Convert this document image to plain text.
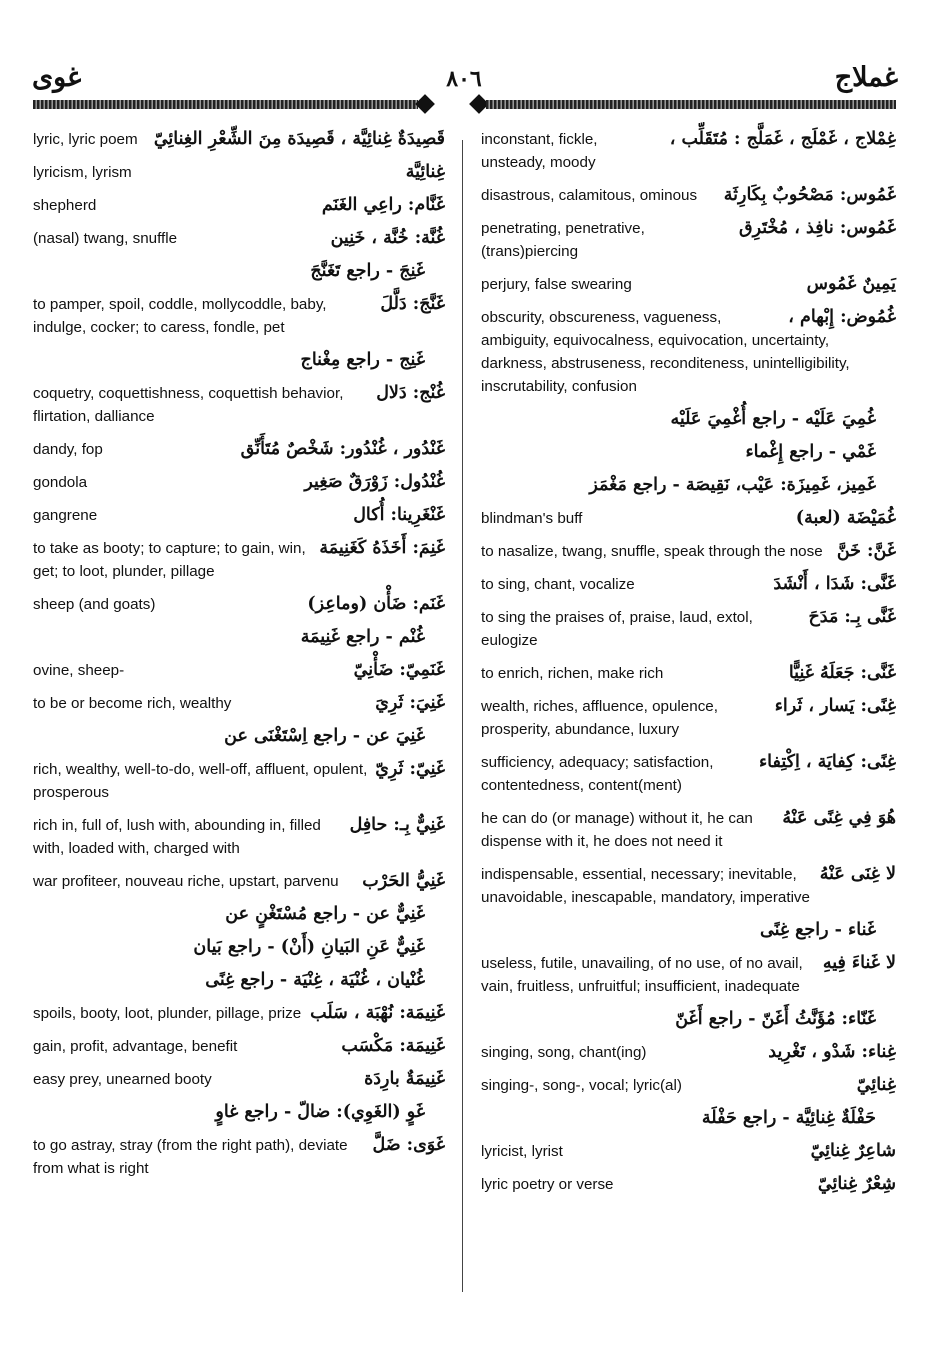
غوى	٨٠٦	غملاج
غِمْلاج ، غَمْلَج ، غَمَلَّج : مُتَقَلِّب ،
inconstant, fickle, unsteady, moody
غَمُوس: مَصْحُوبٌ بِكَارِثَة
disastrous, calamitous, ominous
غَمُوس: نافِذ ، مُخْتَرِق
penetrating, penetrative, (trans)piercing
يَمِينٌ غَمُوس
perjury, false swearing
غُمُوض: إِبْهام ،
obscurity, obscureness, vagueness, ambiguity, equivocalness, equivocation, uncertainty, darkness, abstruseness, reconditeness, unintelligibility, inscrutability, confusion
غُمِيَ عَلَيْه - راجع أُغْمِيَ عَلَيْه
غَمْي - راجع إِغْماء
غَمِيز، غَمِيزَة: عَيْب، نَقِيصَة - راجع مَغْمَز
غُمَيْضَة (لعبة)
blindman's buff
غَنَّ: خَنَّ
to nasalize, twang, snuffle, speak through the nose
غَنَّى: شَدَا ، أَنْشَدَ
to sing, chant, vocalize
غَنَّى بِـ: مَدَحَ
to sing the praises of, praise, laud, extol, eulogize
غَنَّى: جَعَلَهُ غَنِيًّا
to enrich, richen, make rich
غِنًى: يَسار ، ثَراء
wealth, riches, affluence, opulence, prosperity, abundance, luxury
غِنًى: كِفايَة ، اِكْتِفاء
sufficiency, adequacy; satisfaction, contentedness, content(ment)
هُوَ فِي غِنًى عَنْهُ
he can do (or manage) without it, he can dispense with it, he does not need it
لا غِنَى عَنْهُ
indispensable, essential, necessary; inevitable, unavoidable, inescapable, mandatory, imperative
غَناء - راجع غِنًى
لا غَناءَ فِيهِ
useless, futile, unavailing, of no use, of no avail, vain, fruitless, unfruitful; insufficient, inadequate
غَنّاء: مُؤَنَّثُ أَغَنّ - راجع أَغَنّ
غِناء: شَدْو ، تَغْرِيد
singing, song, chant(ing)
غِنائِيّ
singing-, song-, vocal; lyric(al)
حَفْلَةٌ غِنائِيَّة - راجع حَفْلَة
شاعِرٌ غِنائِيّ
lyricist, lyrist
شِعْرٌ غِنائِيّ
lyric poetry or verse
قَصِيدَةٌ غِنائِيَّة ، قَصِيدَة مِنَ الشِّعْرِ الغِنائِيّ
lyric, lyric poem
غِنائِيَّة
lyricism, lyrism
غَنَّام: راعِي الغَنَم
shepherd
غُنَّة: خُنَّة ، خَنِين
(nasal) twang, snuffle
غَنِجَ - راجع تَغَنَّجَ
غَنَّجَ: دَلَّلَ
to pamper, spoil, coddle, mollycoddle, baby, indulge, cocker; to caress, fondle, pet
غَنِج - راجع مِغْناج
غُنْج: دَلال
coquetry, coquettishness, coquettish behavior, flirtation, dalliance
غَنْدُور ، غُنْدُور: شَخْصٌ مُتَأَنِّق
dandy, fop
غُنْدُول: زَوْرَقٌ صَغِير
gondola
غَنْغَرِينا: أُكال
gangrene
غَنِمَ: أَخَذَهُ كَغَنِيمَة
to take as booty; to capture; to gain, win, get; to loot, plunder, pillage
غَنَم: ضَأْن (وماعِز)
sheep (and goats)
غُنْم - راجع غَنِيمَة
غَنَمِيّ: ضَأْنِيّ
ovine, sheep-
غَنِيَ: ثَرِيَ
to be or become rich, wealthy
غَنِيَ عن - راجع اِسْتَغْنَى عن
غَنِيّ: ثَرِيّ
rich, wealthy, well-to-do, well-off, affluent, opulent, prosperous
غَنِيٌّ بِـ: حافِل
rich in, full of, lush with, abounding in, filled with, loaded with, charged with
غَنِيُّ الحَرْب
war profiteer, nouveau riche, upstart, parvenu
غَنِيٌّ عن - راجع مُسْتَغْنٍ عن
غَنِيٌّ عَنِ البَيانِ (أَنْ) - راجع بَيان
غُنْيان ، غُنْيَة ، غِنْيَة - راجع غِنًى
غَنِيمَة: نُهْبَة ، سَلَب
spoils, booty, loot, plunder, pillage, prize
غَنِيمَة: مَكْسَب
gain, profit, advantage, benefit
غَنِيمَةٌ بارِدَة
easy prey, unearned booty
غَوٍ (الغَوِي): ضالّ - راجع غاوٍ
غَوَى: ضَلَّ
to go astray, stray (from the right path), deviate from what is right
